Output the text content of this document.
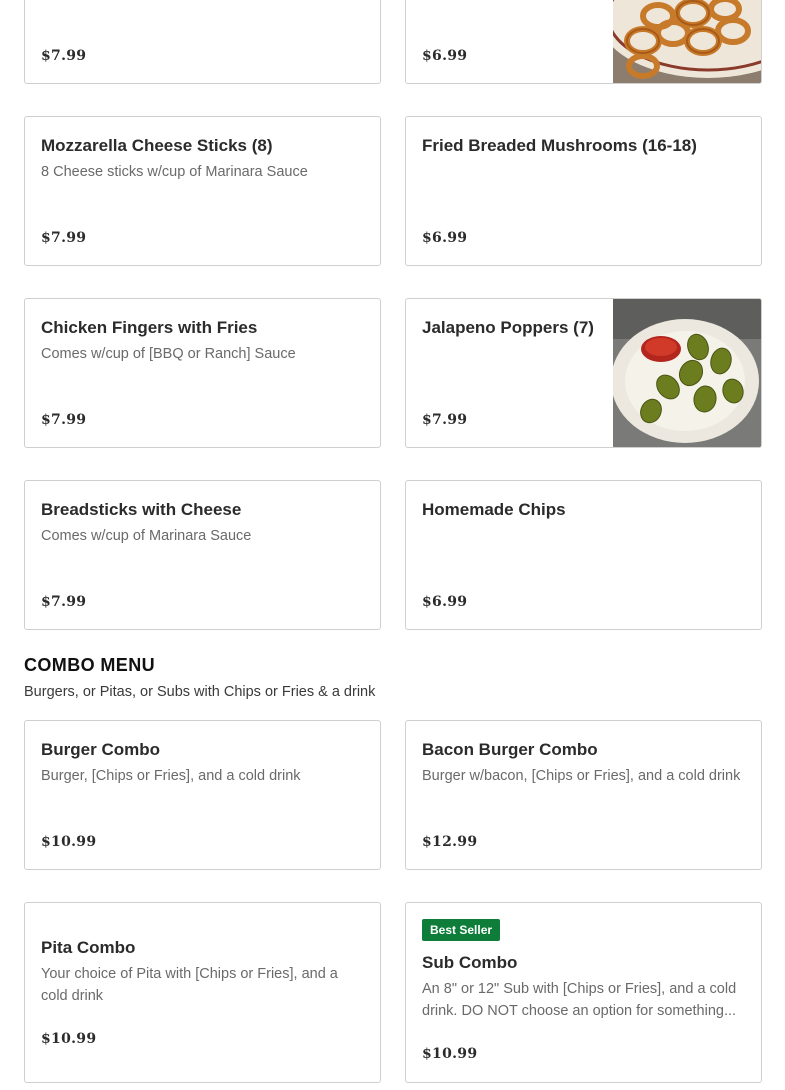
$7.99	$6.99
Mozzarella Cheese Sticks (8)
8 Cheese sticks w/cup of Marinara Sauce
$7.99
Fried Breaded Mushrooms (16-18)
$6.99
Chicken Fingers with Fries
Comes w/cup of [BBQ or Ranch] Sauce
$7.99
Jalapeno Poppers (7)
$7.99
Breadsticks with Cheese
Comes w/cup of Marinara Sauce
$7.99
Homemade Chips
$6.99
COMBO MENU
Burgers, or Pitas, or Subs with Chips or Fries & a drink
Burger Combo
Burger, [Chips or Fries], and a cold drink
$10.99
Bacon Burger Combo
Burger w/bacon, [Chips or Fries], and a cold drink
$12.99
Pita Combo
Your choice of Pita with [Chips or Fries], and a cold drink
$10.99
Best Seller
Sub Combo
An 8" or 12" Sub with [Chips or Fries], and a cold drink. DO NOT choose an option for something...
$10.99
